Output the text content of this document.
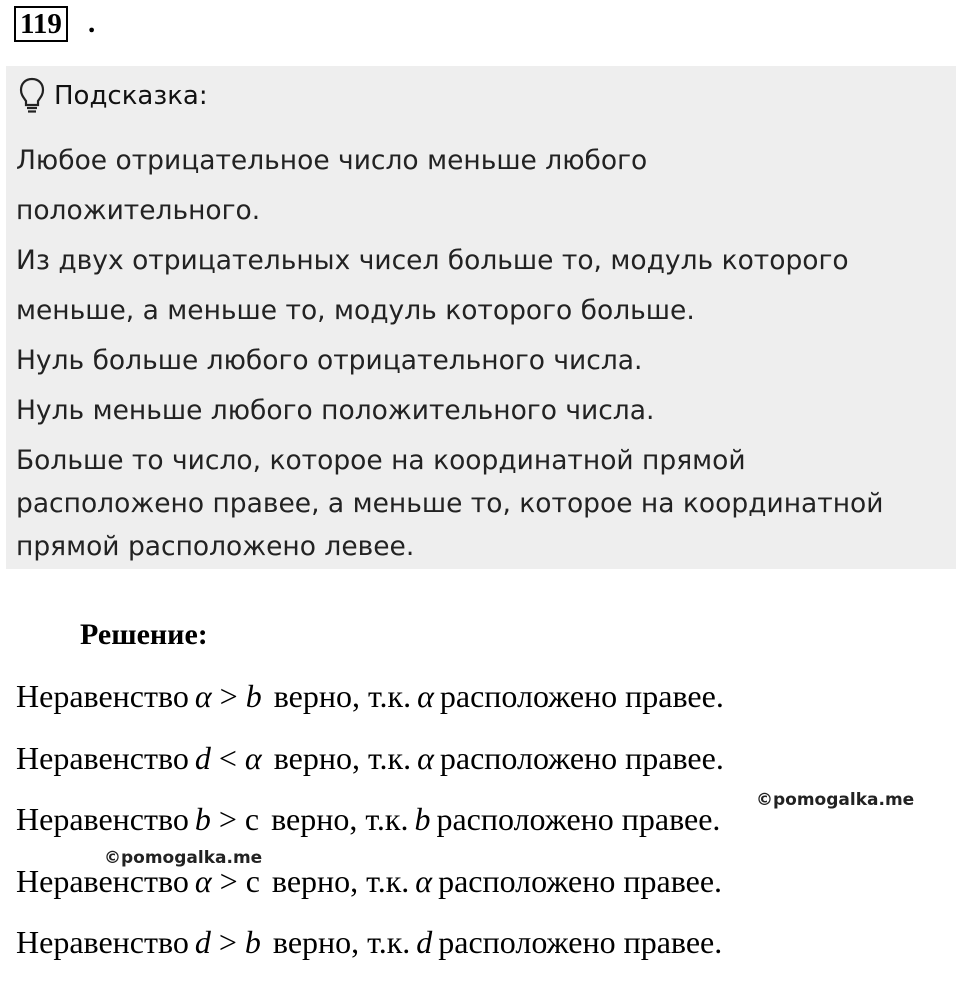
119 .
Подсказка:
Любое отрицательное число меньше любого
положительного.
Из двух отрицательных чисел больше то, модуль которого
меньше, а меньше то, модуль которого больше.
Нуль больше любого отрицательного числа.
Нуль меньше любого положительного числа.
Больше то число, которое на координатной прямой
расположено правее, а меньше то, которое на координатной
прямой расположено левее.
Решение:
Неравенство α > b верно, т.к. α расположено правее.
Неравенство d < α верно, т.к. α расположено правее.
Неравенство b > с верно, т.к. b расположено правее.
Неравенство α > с верно, т.к. α расположено правее.
Неравенство d > b верно, т.к. d расположено правее.
©pomogalka.me
©pomogalka.me
